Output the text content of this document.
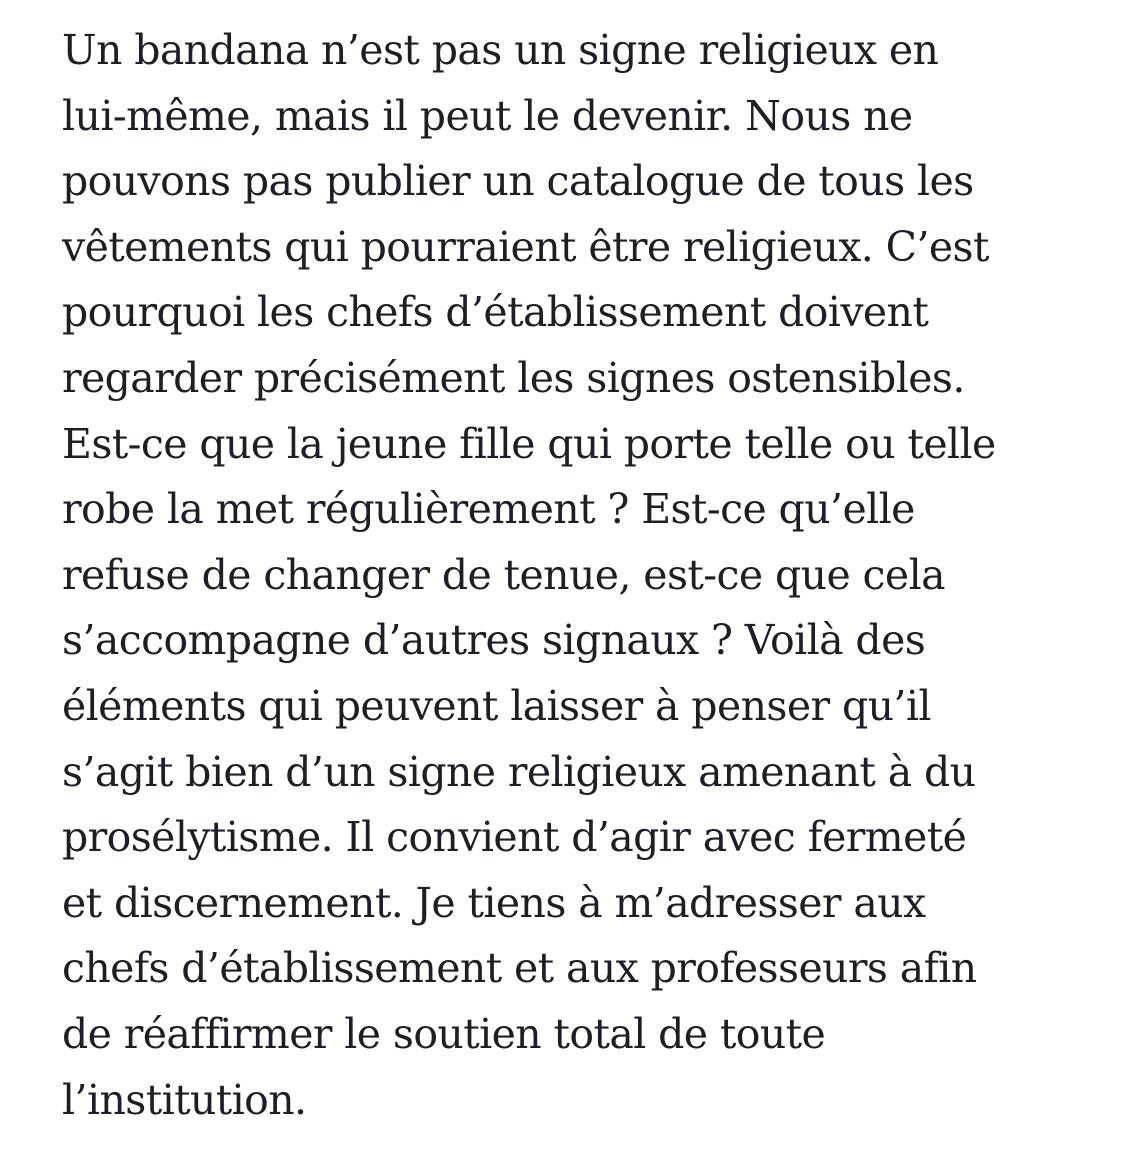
Un bandana n’est pas un signe religieux en
lui-même, mais il peut le devenir. Nous ne
pouvons pas publier un catalogue de tous les
vêtements qui pourraient être religieux. C’est
pourquoi les chefs d’établissement doivent
regarder précisément les signes ostensibles.
Est-ce que la jeune fille qui porte telle ou telle
robe la met régulièrement ? Est-ce qu’elle
refuse de changer de tenue, est-ce que cela
s’accompagne d’autres signaux ? Voilà des
éléments qui peuvent laisser à penser qu’il
s’agit bien d’un signe religieux amenant à du
prosélytisme. Il convient d’agir avec fermeté
et discernement. Je tiens à m’adresser aux
chefs d’établissement et aux professeurs afin
de réaffirmer le soutien total de toute
l’institution.
